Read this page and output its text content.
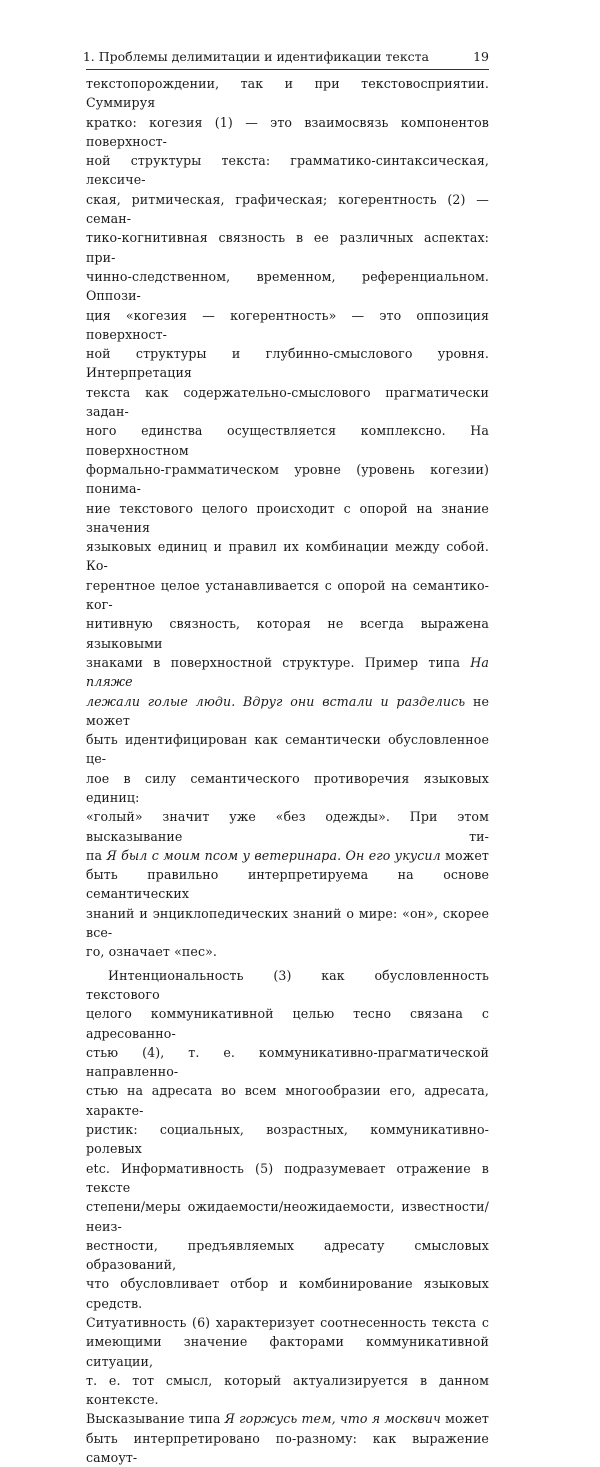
1. Проблемы делимитации и идентификации текста	19

текстопорождении, так и при текстовосприятии. Суммируя
кратко: когезия (1) — это взаимосвязь компонентов поверхност-
ной структуры текста: грамматико-синтаксическая, лексиче-
ская, ритмическая, графическая; когерентность (2) — семан-
тико-когнитивная связность в ее различных аспектах: при-
чинно-следственном, временном, референциальном. Оппози-
ция «когезия — когерентность» — это оппозиция поверхност-
ной структуры и глубинно-смыслового уровня. Интерпретация
текста как содержательно-смыслового прагматически задан-
ного единства осуществляется комплексно. На поверхностном
формально-грамматическом уровне (уровень когезии) понима-
ние текстового целого происходит с опорой на знание значения
языковых единиц и правил их комбинации между собой. Ко-
герентное целое устанавливается с опорой на семантико-ког-
нитивную связность, которая не всегда выражена языковыми
знаками в поверхностной структуре. Пример типа На пляже
лежали голые люди. Вдруг они встали и разделись не может
быть идентифицирован как семантически обусловленное це-
лое в силу семантического противоречия языковых единиц:
«голый» значит уже «без одежды». При этом высказывание ти-
па Я был с моим псом у ветеринара. Он его укусил может
быть правильно интерпретируема на основе семантических
знаний и энциклопедических знаний о мире: «он», скорее все-
го, означает «пес».

Интенциональность (3) как обусловленность текстового
целого коммуникативной целью тесно связана с адресованно-
стью (4), т. е. коммуникативно-прагматической направленно-
стью на адресата во всем многообразии его, адресата, характе-
ристик: социальных, возрастных, коммуникативно-ролевых
etc. Информативность (5) подразумевает отражение в тексте
степени/меры ожидаемости/неожидаемости, известности/неиз-
вестности, предъявляемых адресату смысловых образований,
что обусловливает отбор и комбинирование языковых средств.
Ситуативность (6) характеризует соотнесенность текста с
имеющими значение факторами коммуникативной ситуации,
т. е. тот смысл, который актуализируется в данном контексте.
Высказывание типа Я горжусь тем, что я москвич может
быть интерпретировано по-разному: как выражение самоут-
